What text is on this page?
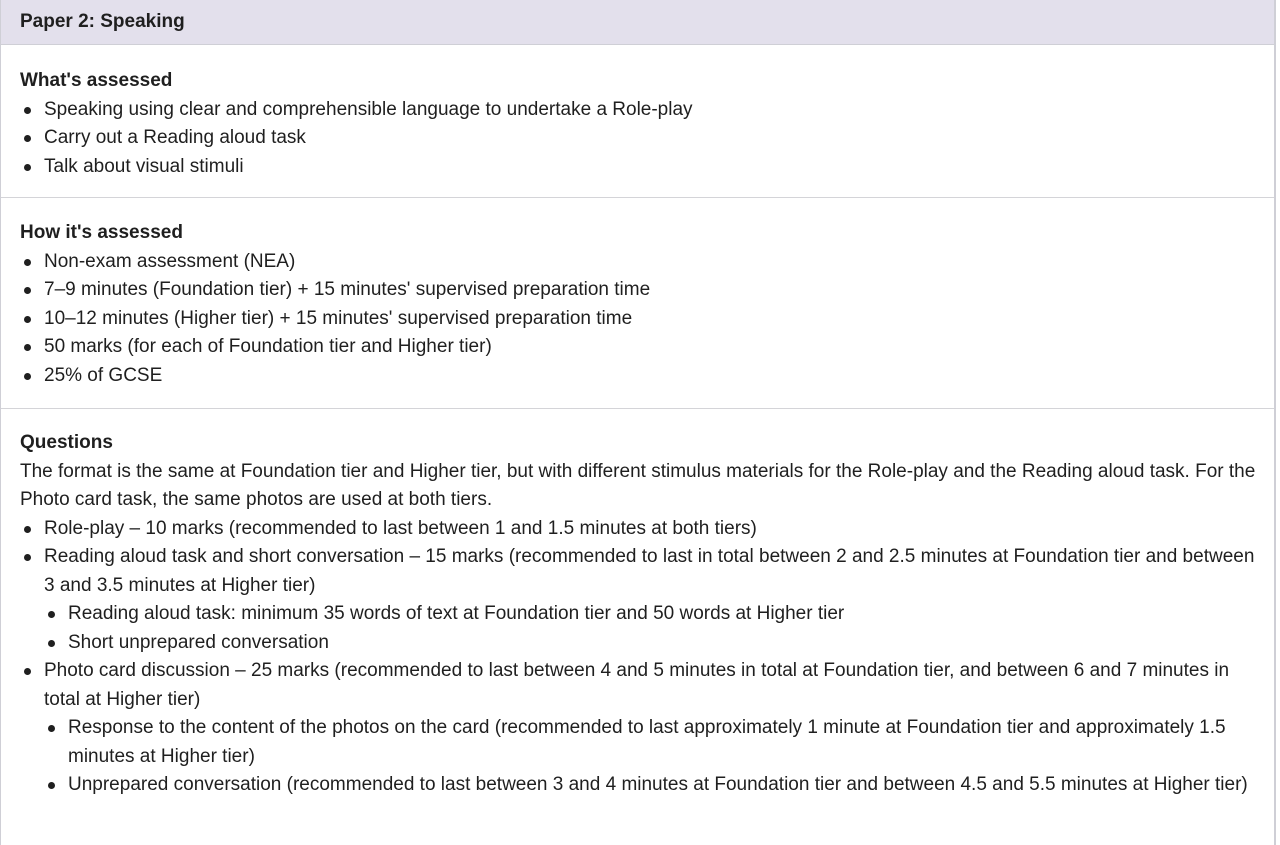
Paper 2: Speaking
What's assessed
Speaking using clear and comprehensible language to undertake a Role-play
Carry out a Reading aloud task
Talk about visual stimuli
How it's assessed
Non-exam assessment (NEA)
7–9 minutes (Foundation tier) + 15 minutes' supervised preparation time
10–12 minutes (Higher tier) + 15 minutes' supervised preparation time
50 marks (for each of Foundation tier and Higher tier)
25% of GCSE
Questions
The format is the same at Foundation tier and Higher tier, but with different stimulus materials for the Role-play and the Reading aloud task. For the Photo card task, the same photos are used at both tiers.
Role-play – 10 marks (recommended to last between 1 and 1.5 minutes at both tiers)
Reading aloud task and short conversation – 15 marks (recommended to last in total between 2 and 2.5 minutes at Foundation tier and between 3 and 3.5 minutes at Higher tier)
Reading aloud task: minimum 35 words of text at Foundation tier and 50 words at Higher tier
Short unprepared conversation
Photo card discussion – 25 marks (recommended to last between 4 and 5 minutes in total at Foundation tier, and between 6 and 7 minutes in total at Higher tier)
Response to the content of the photos on the card (recommended to last approximately 1 minute at Foundation tier and approximately 1.5 minutes at Higher tier)
Unprepared conversation (recommended to last between 3 and 4 minutes at Foundation tier and between 4.5 and 5.5 minutes at Higher tier)
